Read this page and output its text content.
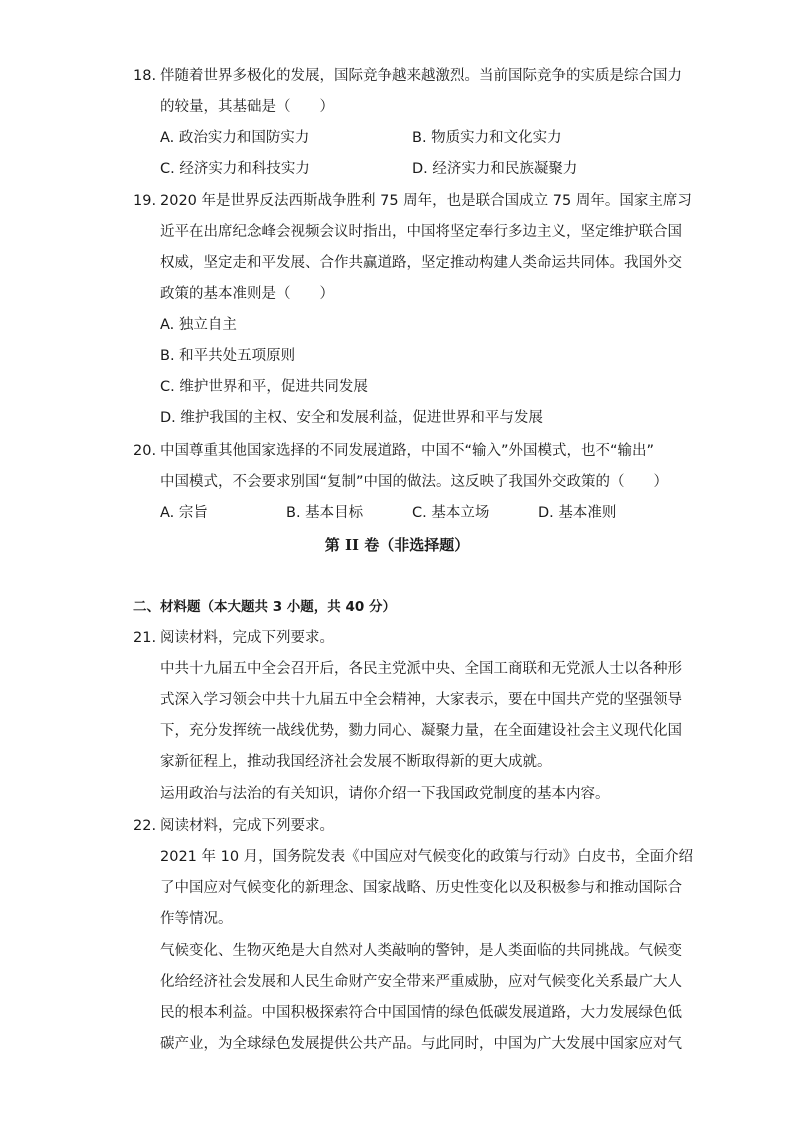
18. 伴随着世界多极化的发展，国际竞争越来越激烈。当前国际竞争的实质是综合国力
的较量，其基础是（　　）
A. 政治实力和国防实力	B. 物质实力和文化实力
C. 经济实力和科技实力	D. 经济实力和民族凝聚力
19. 2020 年是世界反法西斯战争胜利 75 周年，也是联合国成立 75 周年。国家主席习
近平在出席纪念峰会视频会议时指出，中国将坚定奉行多边主义，坚定维护联合国
权威，坚定走和平发展、合作共赢道路，坚定推动构建人类命运共同体。我国外交
政策的基本准则是（　　）
A. 独立自主
B. 和平共处五项原则
C. 维护世界和平，促进共同发展
D. 维护我国的主权、安全和发展利益，促进世界和平与发展
20. 中国尊重其他国家选择的不同发展道路，中国不“输入”外国模式，也不“输出”
中国模式，不会要求别国“复制”中国的做法。这反映了我国外交政策的（　　）
A. 宗旨	B. 基本目标	C. 基本立场	D. 基本准则
第 II 卷（非选择题）
二、材料题（本大题共 3 小题，共 40 分）
21. 阅读材料，完成下列要求。
中共十九届五中全会召开后，各民主党派中央、全国工商联和无党派人士以各种形
式深入学习领会中共十九届五中全会精神，大家表示，要在中国共产党的坚强领导
下，充分发挥统一战线优势，勠力同心、凝聚力量，在全面建设社会主义现代化国
家新征程上，推动我国经济社会发展不断取得新的更大成就。
运用政治与法治的有关知识，请你介绍一下我国政党制度的基本内容。
22. 阅读材料，完成下列要求。
2021 年 10 月，国务院发表《中国应对气候变化的政策与行动》白皮书，全面介绍
了中国应对气候变化的新理念、国家战略、历史性变化以及积极参与和推动国际合
作等情况。
气候变化、生物灭绝是大自然对人类敲响的警钟，是人类面临的共同挑战。气候变
化给经济社会发展和人民生命财产安全带来严重威胁，应对气候变化关系最广大人
民的根本利益。中国积极探索符合中国国情的绿色低碳发展道路，大力发展绿色低
碳产业，为全球绿色发展提供公共产品。与此同时，中国为广大发展中国家应对气
